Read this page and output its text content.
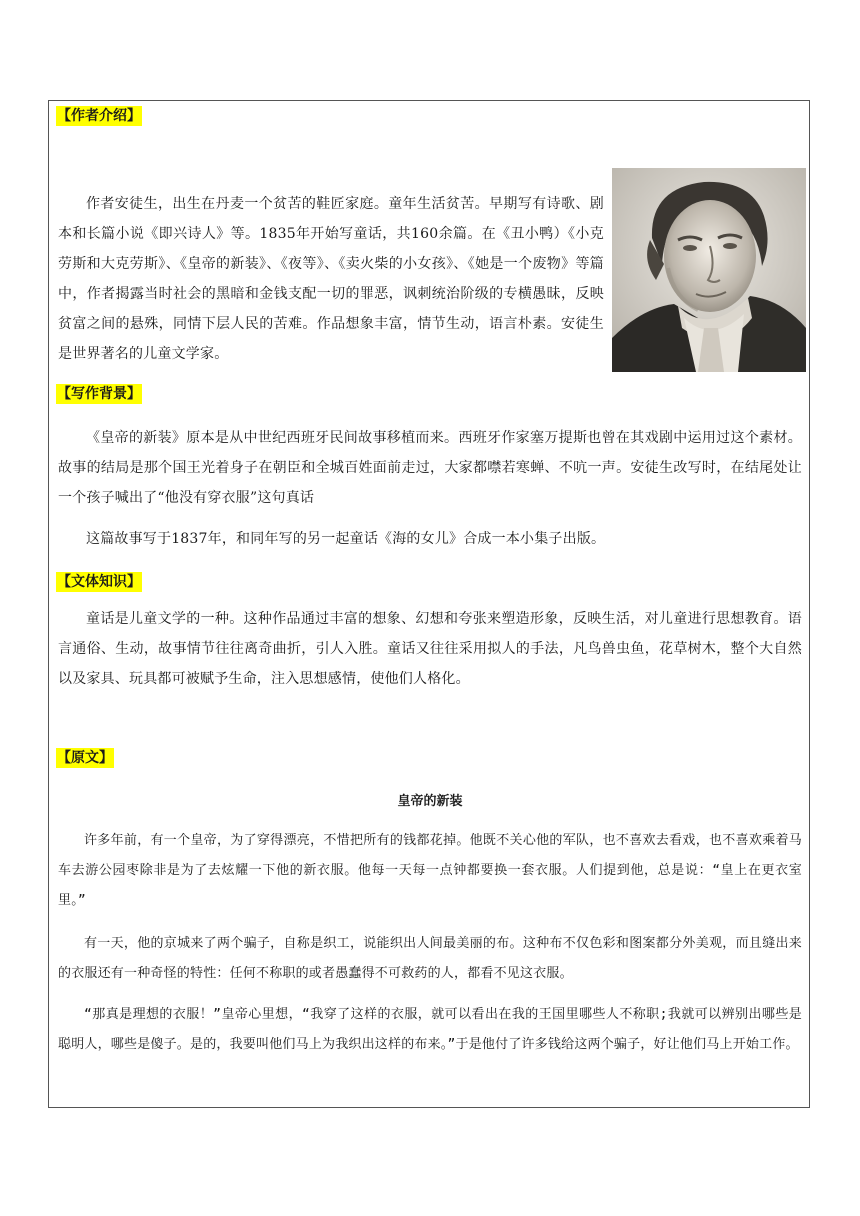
【作者介绍】

作者安徒生，出生在丹麦一个贫苦的鞋匠家庭。童年生活贫苦。早期写有诗歌、剧本和长篇小说《即兴诗人》等。1835年开始写童话，共160余篇。在《丑小鸭）《小克劳斯和大克劳斯》、《皇帝的新装》、《夜等》、《卖火柴的小女孩》、《她是一个废物》等篇中，作者揭露当时社会的黑暗和金钱支配一切的罪恶，讽刺统治阶级的专横愚昧，反映贫富之间的悬殊，同情下层人民的苦难。作品想象丰富，情节生动，语言朴素。安徒生是世界著名的儿童文学家。

【写作背景】

《皇帝的新装》原本是从中世纪西班牙民间故事移植而来。西班牙作家塞万提斯也曾在其戏剧中运用过这个素材。故事的结局是那个国王光着身子在朝臣和全城百姓面前走过，大家都噤若寒蝉、不吭一声。安徒生改写时，在结尾处让一个孩子喊出了“他没有穿衣服”这句真话

这篇故事写于1837年，和同年写的另一起童话《海的女儿》合成一本小集子出版。

【文体知识】

童话是儿童文学的一种。这种作品通过丰富的想象、幻想和夸张来塑造形象，反映生活，对儿童进行思想教育。语言通俗、生动，故事情节往往离奇曲折，引人入胜。童话又往往采用拟人的手法，凡鸟兽虫鱼，花草树木，整个大自然以及家具、玩具都可被赋予生命，注入思想感情，使他们人格化。

【原文】

皇帝的新装

许多年前，有一个皇帝，为了穿得漂亮，不惜把所有的钱都花掉。他既不关心他的军队，也不喜欢去看戏，也不喜欢乘着马车去游公园枣除非是为了去炫耀一下他的新衣服。他每一天每一点钟都要换一套衣服。人们提到他，总是说：“皇上在更衣室里。”

有一天，他的京城来了两个骗子，自称是织工，说能织出人间最美丽的布。这种布不仅色彩和图案都分外美观，而且缝出来的衣服还有一种奇怪的特性：任何不称职的或者愚蠢得不可救药的人，都看不见这衣服。

“那真是理想的衣服！”皇帝心里想，“我穿了这样的衣服，就可以看出在我的王国里哪些人不称职;我就可以辨别出哪些是聪明人，哪些是傻子。是的，我要叫他们马上为我织出这样的布来。”于是他付了许多钱给这两个骗子，好让他们马上开始工作。
